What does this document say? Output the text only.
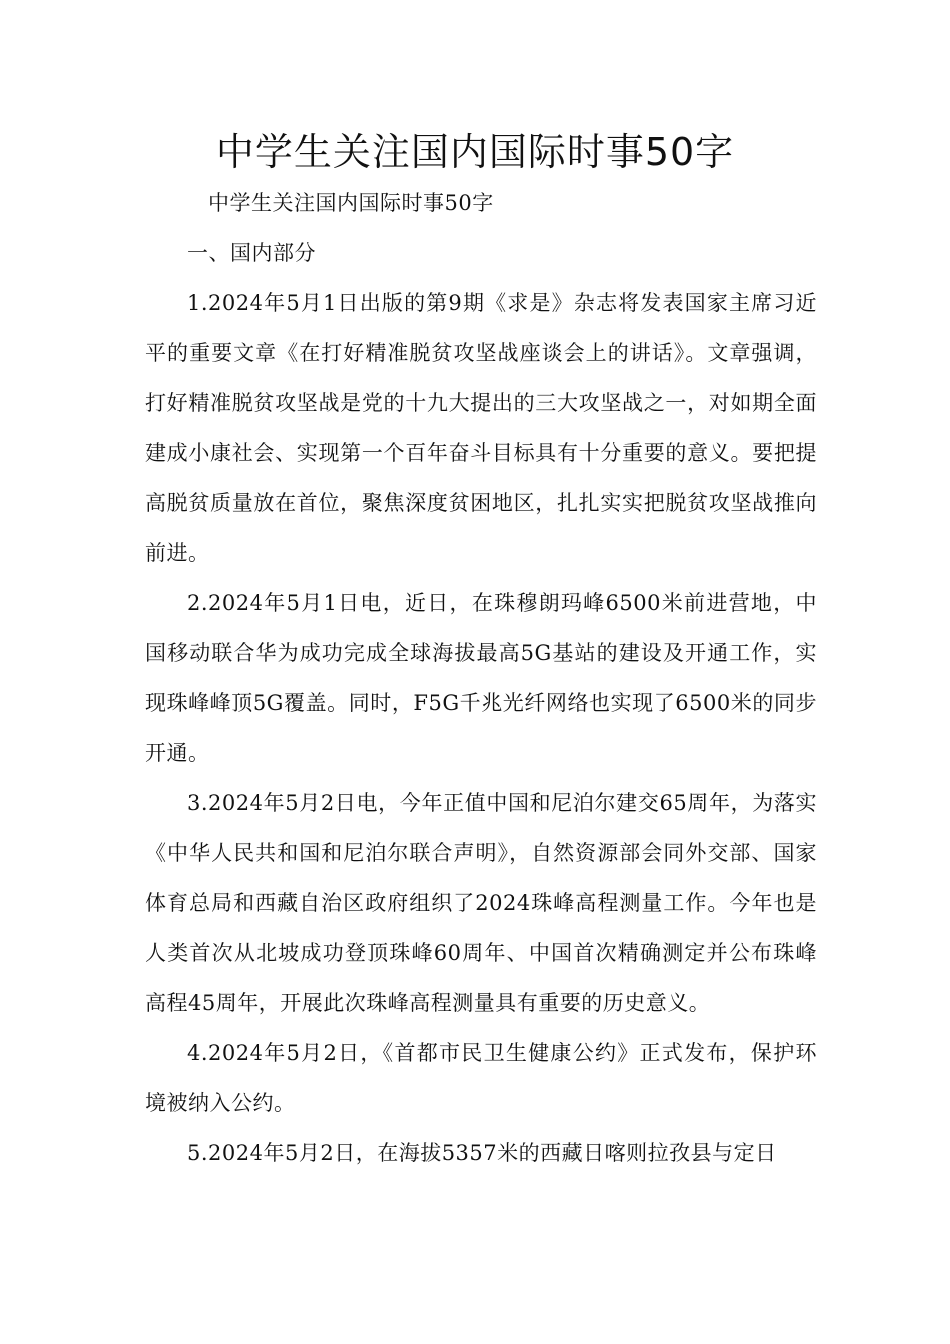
中学生关注国内国际时事50字

中学生关注国内国际时事50字

一、国内部分

1.2024年5月1日出版的第9期《求是》杂志将发表国家主席习近平的重要文章《在打好精准脱贫攻坚战座谈会上的讲话》。文章强调，打好精准脱贫攻坚战是党的十九大提出的三大攻坚战之一，对如期全面建成小康社会、实现第一个百年奋斗目标具有十分重要的意义。要把提高脱贫质量放在首位，聚焦深度贫困地区，扎扎实实把脱贫攻坚战推向前进。

2.2024年5月1日电，近日，在珠穆朗玛峰6500米前进营地，中国移动联合华为成功完成全球海拔最高5G基站的建设及开通工作，实现珠峰峰顶5G覆盖。同时，F5G千兆光纤网络也实现了6500米的同步开通。

3.2024年5月2日电，今年正值中国和尼泊尔建交65周年，为落实《中华人民共和国和尼泊尔联合声明》，自然资源部会同外交部、国家体育总局和西藏自治区政府组织了2024珠峰高程测量工作。今年也是人类首次从北坡成功登顶珠峰60周年、中国首次精确测定并公布珠峰高程45周年，开展此次珠峰高程测量具有重要的历史意义。

4.2024年5月2日，《首都市民卫生健康公约》正式发布，保护环境被纳入公约。

5.2024年5月2日，在海拔5357米的西藏日喀则拉孜县与定日
